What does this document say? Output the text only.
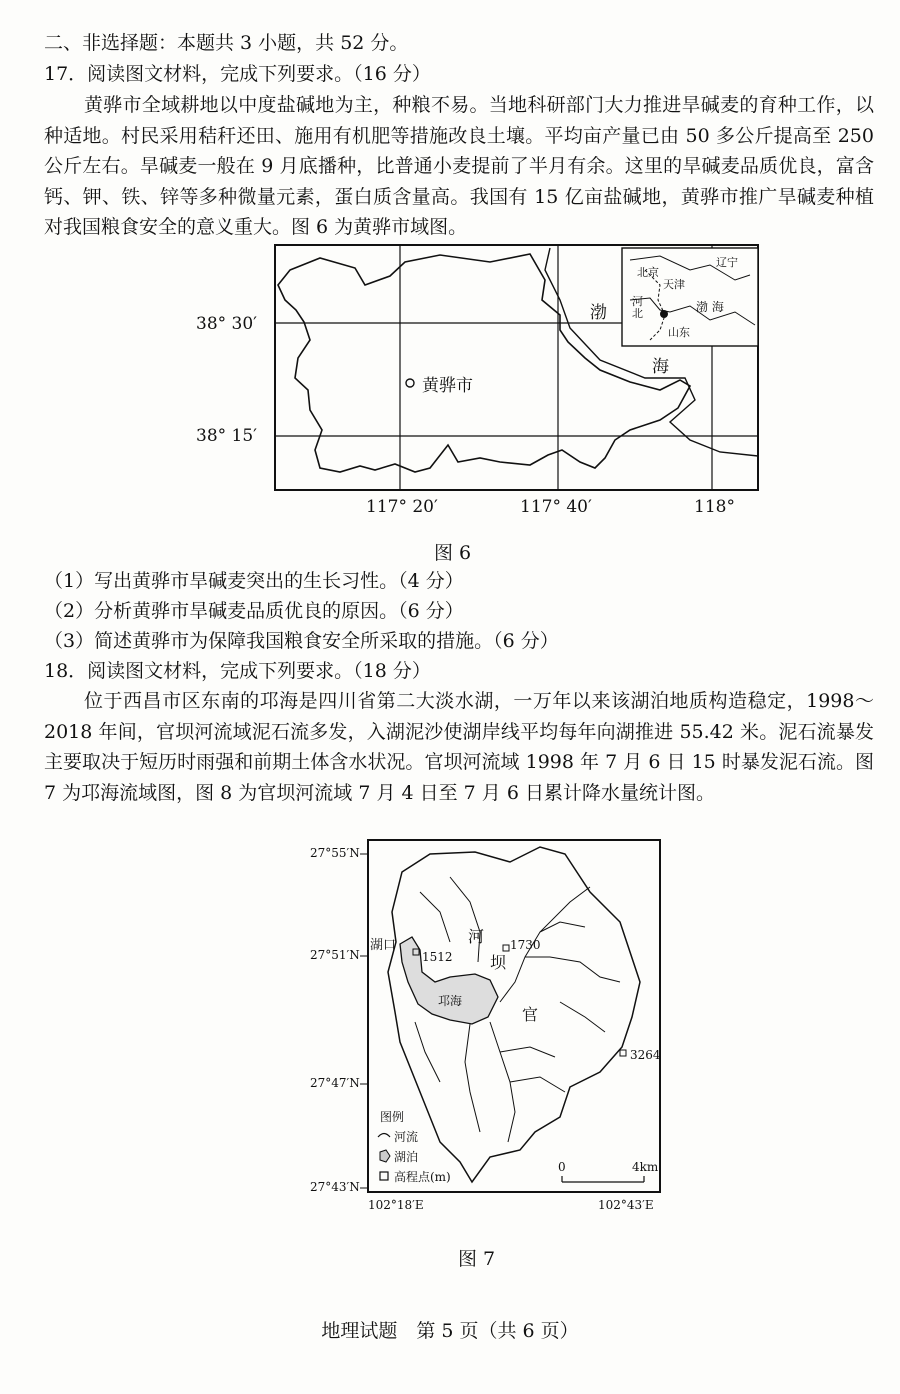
二、非选择题：本题共 3 小题，共 52 分。
17．阅读图文材料，完成下列要求。（16 分）
黄骅市全域耕地以中度盐碱地为主，种粮不易。当地科研部门大力推进旱碱麦的育种工作，以种适地。村民采用秸秆还田、施用有机肥等措施改良土壤。平均亩产量已由 50 多公斤提高至 250 公斤左右。旱碱麦一般在 9 月底播种，比普通小麦提前了半月有余。这里的旱碱麦品质优良，富含钙、钾、铁、锌等多种微量元素，蛋白质含量高。我国有 15 亿亩盐碱地，黄骅市推广旱碱麦种植对我国粮食安全的意义重大。图 6 为黄骅市域图。
38° 30′
38° 15′
117° 20′	117° 40′	118°
黄骅市
渤
海
北京
天津
河北
辽宁
渤 海
山东
图 6
（1）写出黄骅市旱碱麦突出的生长习性。（4 分）
（2）分析黄骅市旱碱麦品质优良的原因。（6 分）
（3）简述黄骅市为保障我国粮食安全所采取的措施。（6 分）
18．阅读图文材料，完成下列要求。（18 分）
位于西昌市区东南的邛海是四川省第二大淡水湖，一万年以来该湖泊地质构造稳定，1998～2018 年间，官坝河流域泥石流多发，入湖泥沙使湖岸线平均每年向湖推进 55.42 米。泥石流暴发主要取决于短历时雨强和前期土体含水状况。官坝河流域 1998 年 7 月 6 日 15 时暴发泥石流。图 7 为邛海流域图，图 8 为官坝河流域 7 月 4 日至 7 月 6 日累计降水量统计图。
27°55′N
27°51′N
27°47′N
27°43′N
102°18′E	102°43′E
湖口
邛海
河
坝
官
1512
1730
3264
图例
河流
湖泊
高程点(m)
0	4km
图 7
地理试题　第 5 页（共 6 页）
